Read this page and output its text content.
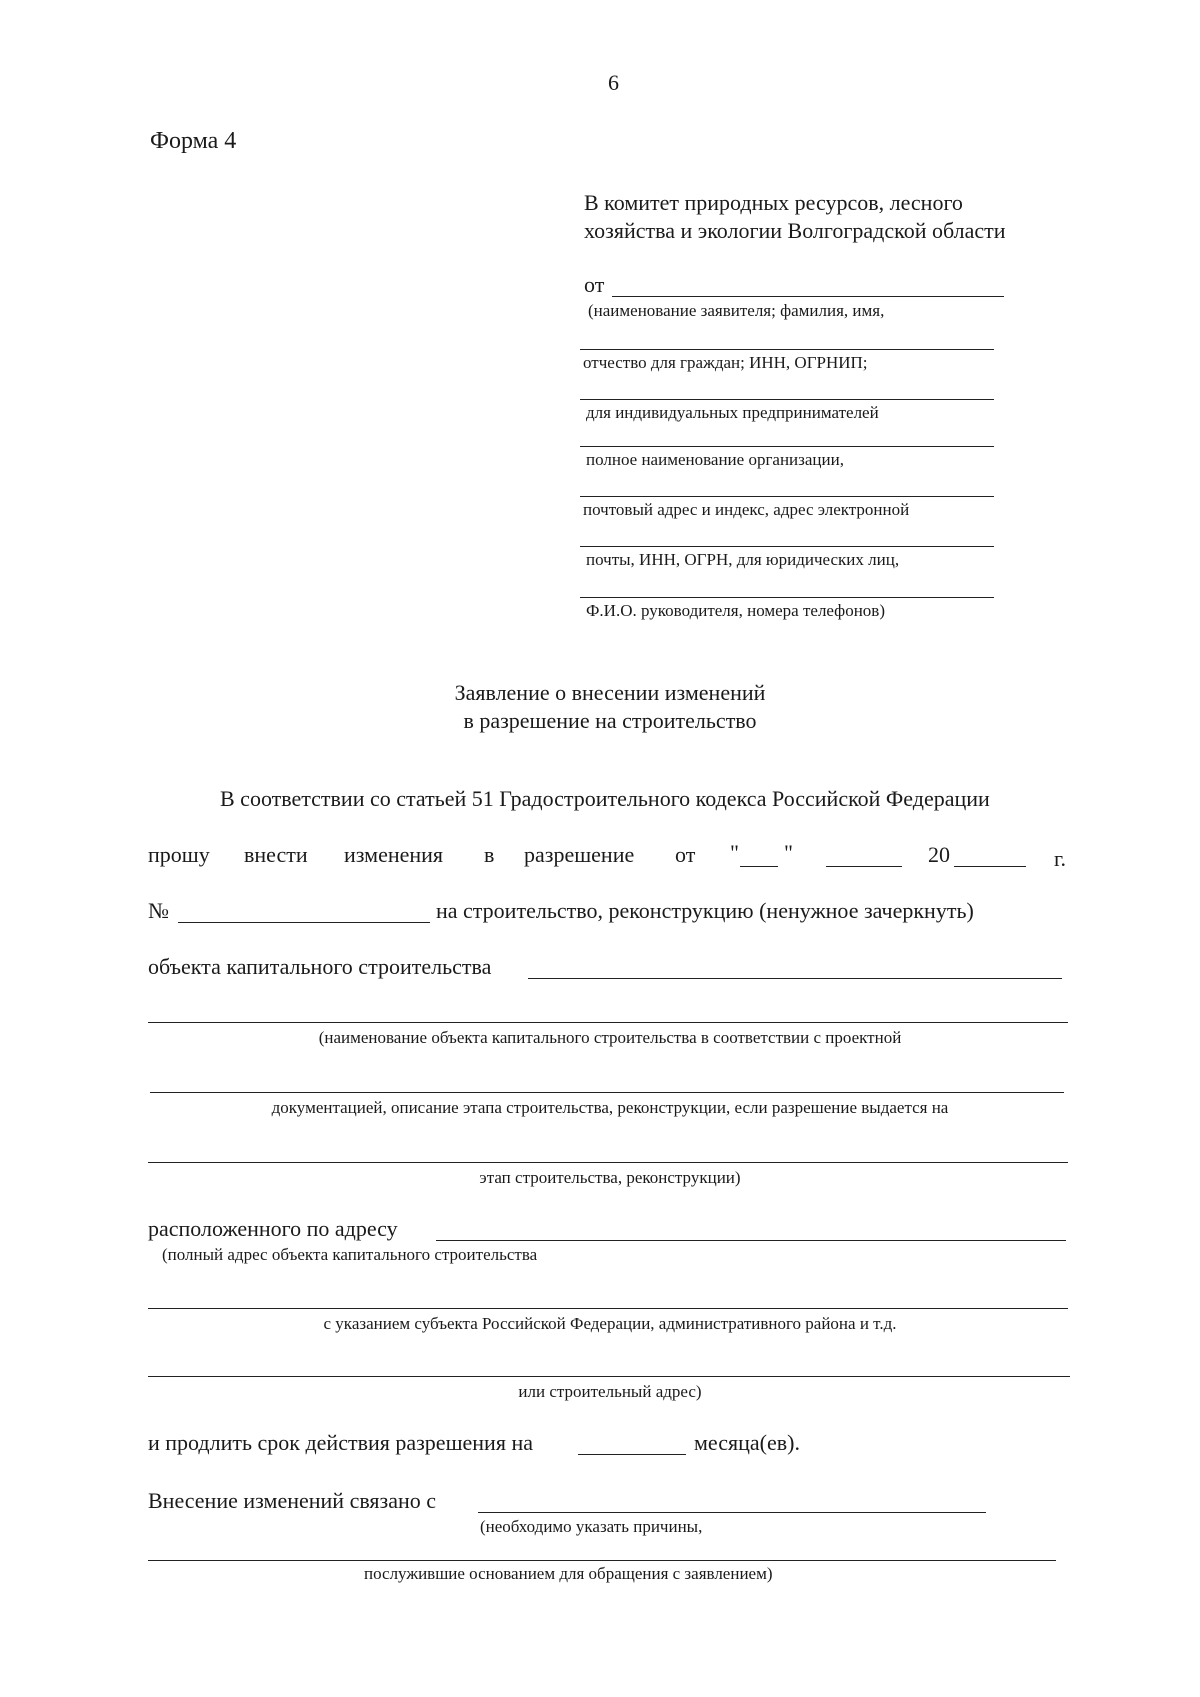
6
Форма 4
В комитет природных ресурсов, лесного
хозяйства и экологии Волгоградской области
от
(наименование заявителя; фамилия, имя,
отчество для граждан; ИНН, ОГРНИП;
для индивидуальных предпринимателей
полное наименование организации,
почтовый адрес и индекс, адрес электронной
почты, ИНН, ОГРН, для юридических лиц,
Ф.И.О. руководителя, номера телефонов)
Заявление о внесении изменений
в разрешение на строительство
В соответствии со статьей 51 Градостроительного кодекса Российской Федерации
прошу внести изменения в разрешение от " "	20	г.
№	на строительство, реконструкцию (ненужное зачеркнуть)
объекта капитального строительства
(наименование объекта капитального строительства в соответствии с проектной
документацией, описание этапа строительства, реконструкции, если разрешение выдается на
этап строительства, реконструкции)
расположенного по адресу
(полный адрес объекта капитального строительства
с указанием субъекта Российской Федерации, административного района и т.д.
или строительный адрес)
и продлить срок действия разрешения на	месяца(ев).
Внесение изменений связано с
(необходимо указать причины,
послужившие основанием для обращения с заявлением)
